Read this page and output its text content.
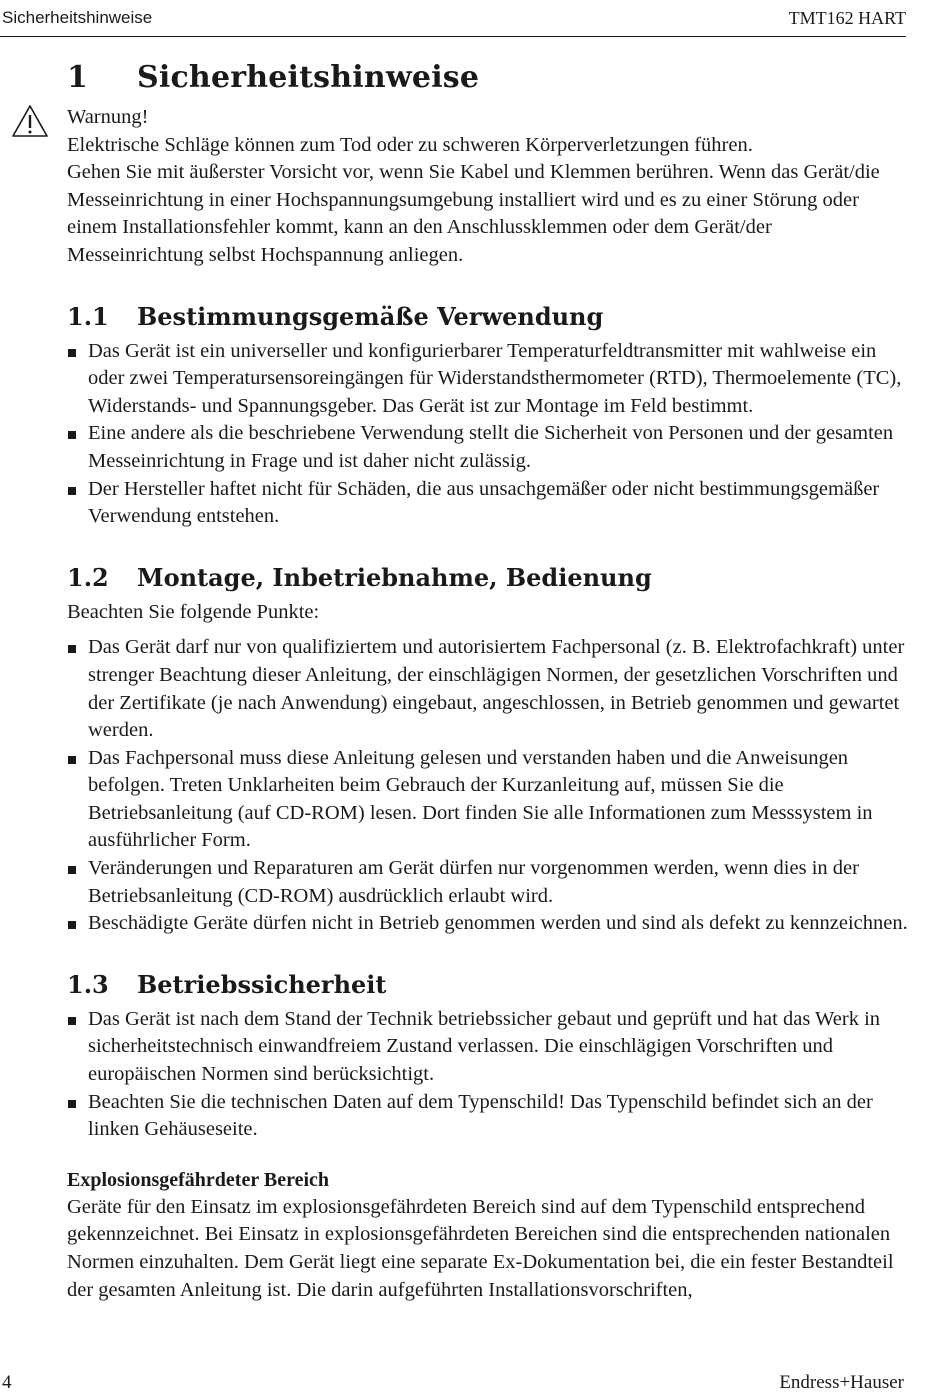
Sicherheitshinweise	TMT162 HART
1 Sicherheitshinweise

Warnung!

Elektrische Schläge können zum Tod oder zu schweren Körperverletzungen führen.

Gehen Sie mit äußerster Vorsicht vor, wenn Sie Kabel und Klemmen berühren. Wenn das Gerät/die Messeinrichtung in einer Hochspannungsumgebung installiert wird und es zu einer Störung oder einem Installationsfehler kommt, kann an den Anschlussklemmen oder dem Gerät/der Messeinrichtung selbst Hochspannung anliegen.

1.1 Bestimmungsgemäße Verwendung
Das Gerät ist ein universeller und konfigurierbarer Temperaturfeldtransmitter mit wahlweise ein oder zwei Temperatursensoreingängen für Widerstandsthermometer (RTD), Thermoelemente (TC), Widerstands- und Spannungsgeber. Das Gerät ist zur Montage im Feld bestimmt.
Eine andere als die beschriebene Verwendung stellt die Sicherheit von Personen und der gesamten Messeinrichtung in Frage und ist daher nicht zulässig.
Der Hersteller haftet nicht für Schäden, die aus unsachgemäßer oder nicht bestimmungsgemäßer Verwendung entstehen.
1.2 Montage, Inbetriebnahme, Bedienung

Beachten Sie folgende Punkte:

Das Gerät darf nur von qualifiziertem und autorisiertem Fachpersonal (z. B. Elektrofachkraft) unter strenger Beachtung dieser Anleitung, der einschlägigen Normen, der gesetzlichen Vorschriften und der Zertifikate (je nach Anwendung) eingebaut, angeschlossen, in Betrieb genommen und gewartet werden.
Das Fachpersonal muss diese Anleitung gelesen und verstanden haben und die Anweisungen befolgen. Treten Unklarheiten beim Gebrauch der Kurzanleitung auf, müssen Sie die Betriebsanleitung (auf CD-ROM) lesen. Dort finden Sie alle Informationen zum Messsystem in ausführlicher Form.
Veränderungen und Reparaturen am Gerät dürfen nur vorgenommen werden, wenn dies in der Betriebsanleitung (CD-ROM) ausdrücklich erlaubt wird.
Beschädigte Geräte dürfen nicht in Betrieb genommen werden und sind als defekt zu kennzeichnen.
1.3 Betriebssicherheit
Das Gerät ist nach dem Stand der Technik betriebssicher gebaut und geprüft und hat das Werk in sicherheitstechnisch einwandfreiem Zustand verlassen. Die einschlägigen Vorschriften und europäischen Normen sind berücksichtigt.
Beachten Sie die technischen Daten auf dem Typenschild! Das Typenschild befindet sich an der linken Gehäuseseite.
Explosionsgefährdeter Bereich

Geräte für den Einsatz im explosionsgefährdeten Bereich sind auf dem Typenschild entsprechend gekennzeichnet. Bei Einsatz in explosionsgefährdeten Bereichen sind die entsprechenden nationalen Normen einzuhalten. Dem Gerät liegt eine separate Ex-Dokumentation bei, die ein fester Bestandteil der gesamten Anleitung ist. Die darin aufgeführten Installationsvorschriften,

4	Endress+Hauser
